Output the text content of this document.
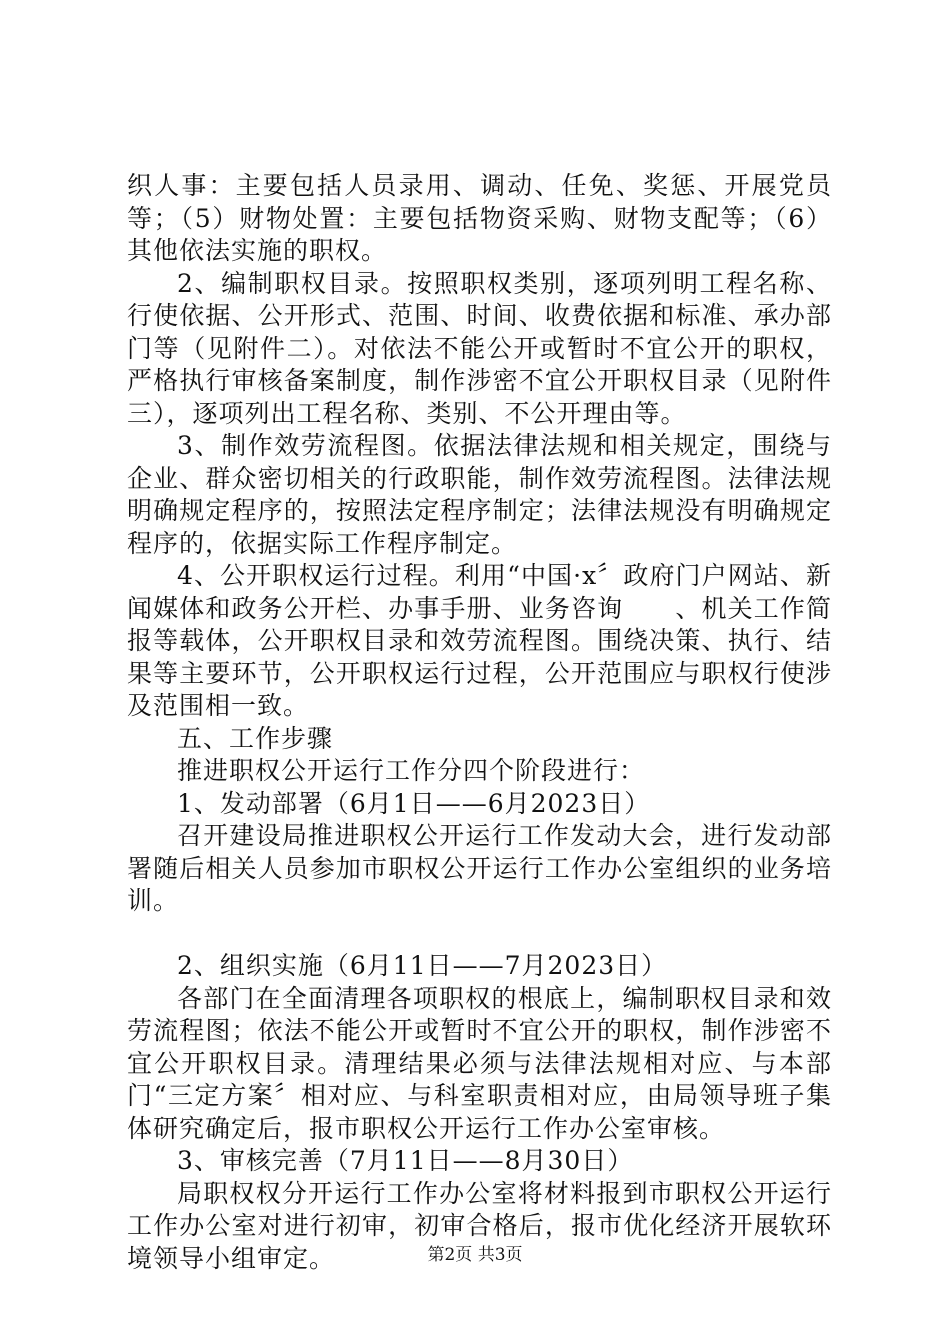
织人事：主要包括人员录用、调动、任免、奖惩、开展党员等；（5）财物处置：主要包括物资采购、财物支配等；（6）其他依法实施的职权。

2、编制职权目录。按照职权类别，逐项列明工程名称、行使依据、公开形式、范围、时间、收费依据和标准、承办部门等（见附件二）。对依法不能公开或暂时不宜公开的职权，严格执行审核备案制度，制作涉密不宜公开职权目录（见附件三），逐项列出工程名称、类别、不公开理由等。

3、制作效劳流程图。依据法律法规和相关规定，围绕与企业、群众密切相关的行政职能，制作效劳流程图。法律法规明确规定程序的，按照法定程序制定；法律法规没有明确规定程序的，依据实际工作程序制定。

4、公开职权运行过程。利用“中国·x〞政府门户网站、新闻媒体和政务公开栏、办事手册、业务咨询　　、机关工作简报等载体，公开职权目录和效劳流程图。围绕决策、执行、结果等主要环节，公开职权运行过程，公开范围应与职权行使涉及范围相一致。

五、工作步骤

推进职权公开运行工作分四个阶段进行：

1、发动部署（6月1日——6月2023日）

召开建设局推进职权公开运行工作发动大会，进行发动部署随后相关人员参加市职权公开运行工作办公室组织的业务培训。

2、组织实施（6月11日——7月2023日）

各部门在全面清理各项职权的根底上，编制职权目录和效劳流程图；依法不能公开或暂时不宜公开的职权，制作涉密不宜公开职权目录。清理结果必须与法律法规相对应、与本部门“三定方案〞相对应、与科室职责相对应，由局领导班子集体研究确定后，报市职权公开运行工作办公室审核。

3、审核完善（7月11日——8月30日）

局职权权分开运行工作办公室将材料报到市职权公开运行工作办公室对进行初审，初审合格后，报市优化经济开展软环境领导小组审定。	第2页 共3页
